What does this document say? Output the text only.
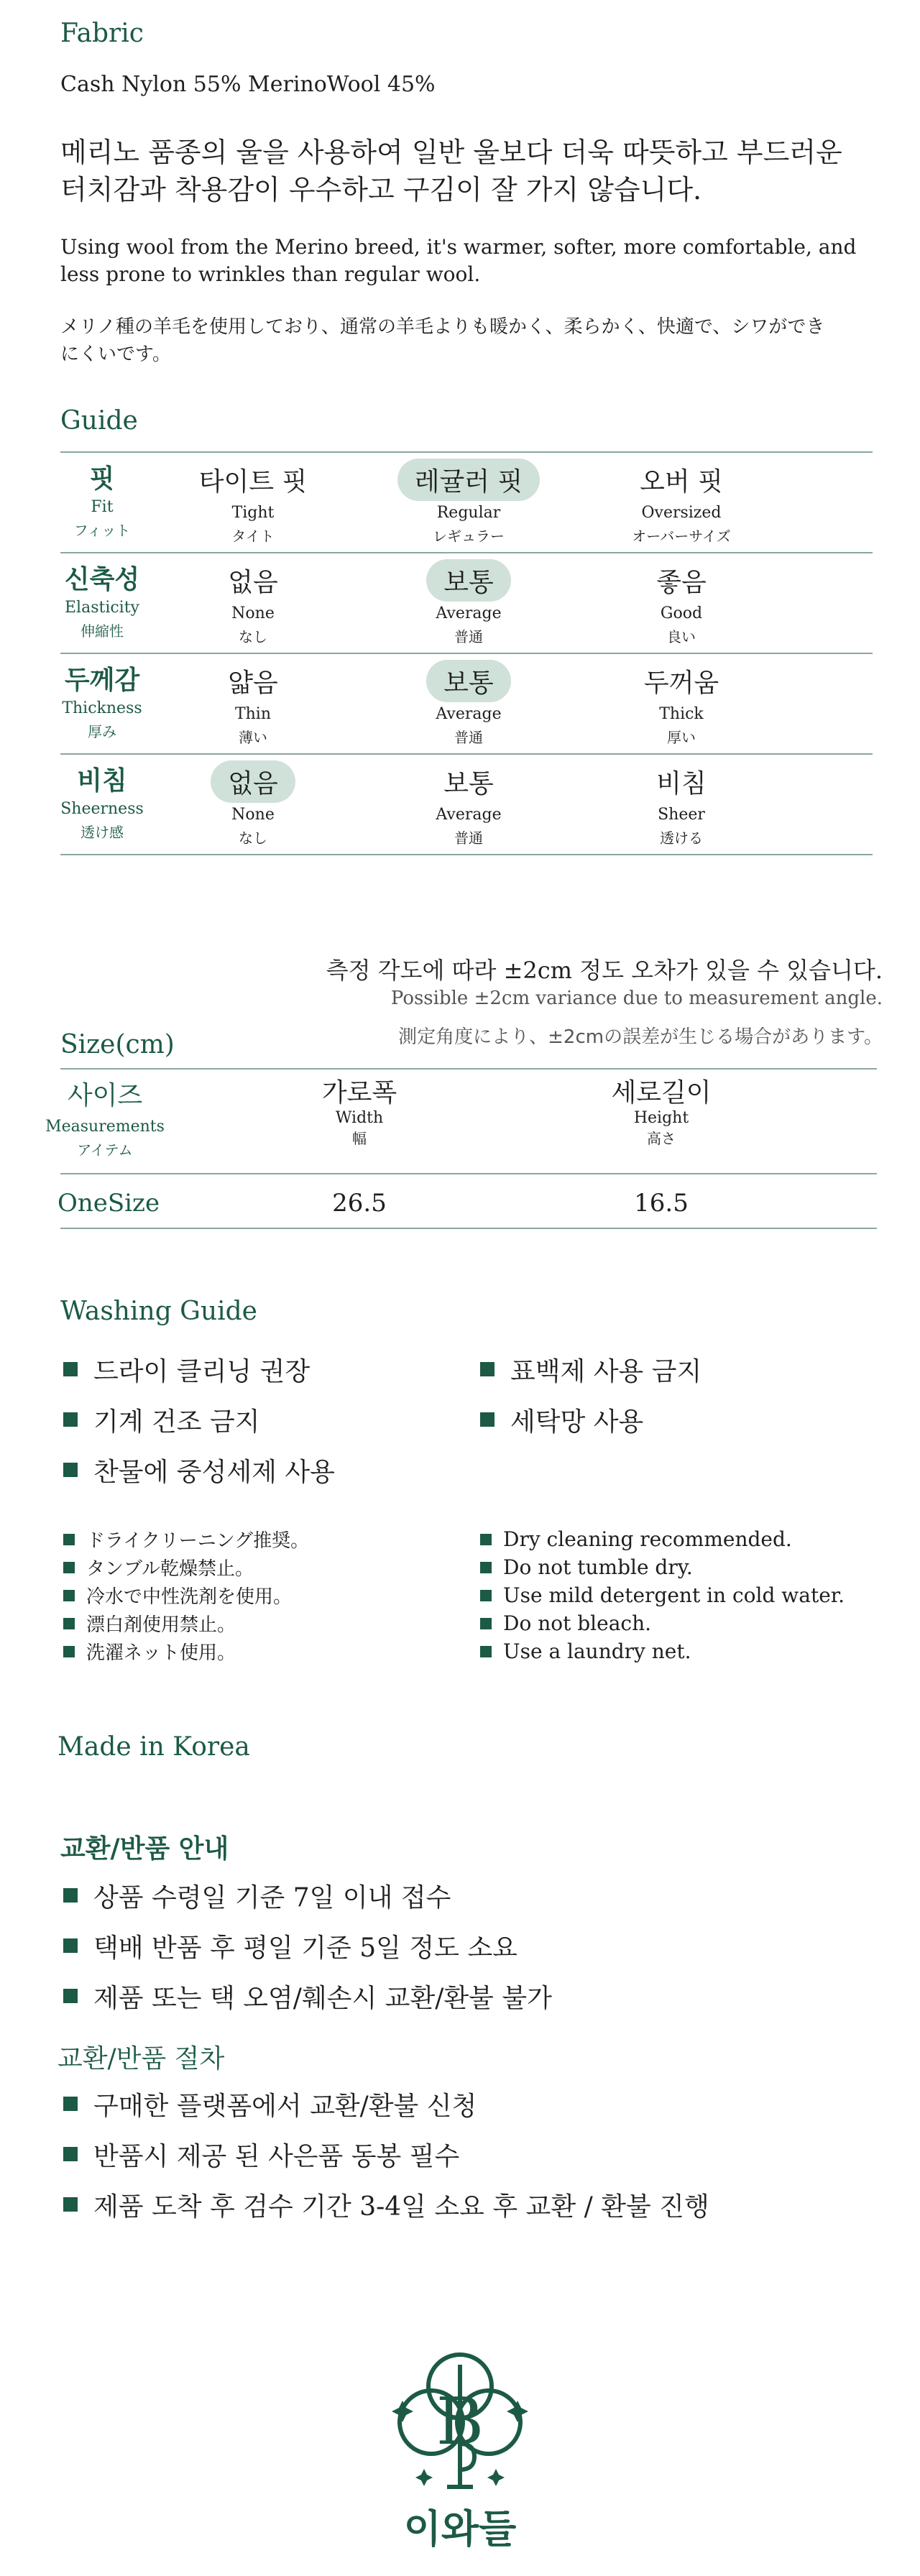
Fabric
Cash Nylon 55% MerinoWool 45%
메리노 품종의 울을 사용하여 일반 울보다 더욱 따뜻하고 부드러운
터치감과 착용감이 우수하고 구김이 잘 가지 않습니다.
Using wool from the Merino breed, it's warmer, softer, more comfortable, and
less prone to wrinkles than regular wool.
メリノ種の羊毛を使用しており、通常の羊毛よりも暖かく、柔らかく、快適で、シワができ
にくいです。
Guide
핏
Fit
フィット
타이트 핏
Tight
タイト
레귤러 핏
Regular
レギュラー
오버 핏
Oversized
オーバーサイズ
신축성
Elasticity
伸縮性
없음
None
なし
보통
Average
普通
좋음
Good
良い
두께감
Thickness
厚み
얇음
Thin
薄い
보통
Average
普通
두꺼움
Thick
厚い
비침
Sheerness
透け感
없음
None
なし
보통
Average
普通
비침
Sheer
透ける
측정 각도에 따라 ±2cm 정도 오차가 있을 수 있습니다.
Possible ±2cm variance due to measurement angle.
測定角度により、±2cmの誤差が生じる場合があります。
Size(cm)
사이즈
Measurements
アイテム
가로폭
Width
幅
세로길이
Height
高さ
OneSize	26.5	16.5
Washing Guide
드라이 클리닝 권장
기계 건조 금지
찬물에 중성세제 사용
표백제 사용 금지
세탁망 사용
ドライクリーニング推奨。
タンブル乾燥禁止。
冷水で中性洗剤を使用。
漂白剤使用禁止。
洗濯ネット使用。
Dry cleaning recommended.
Do not tumble dry.
Use mild detergent in cold water.
Do not bleach.
Use a laundry net.
Made in Korea
교환/반품 안내
상품 수령일 기준 7일 이내 접수
택배 반품 후 평일 기준 5일 정도 소요
제품 또는 택 오염/훼손시 교환/환불 불가
교환/반품 절차
구매한 플랫폼에서 교환/환불 신청
반품시 제공 된 사은품 동봉 필수
제품 도착 후 검수 기간 3-4일 소요 후 교환 / 환불 진행
B
이와들
